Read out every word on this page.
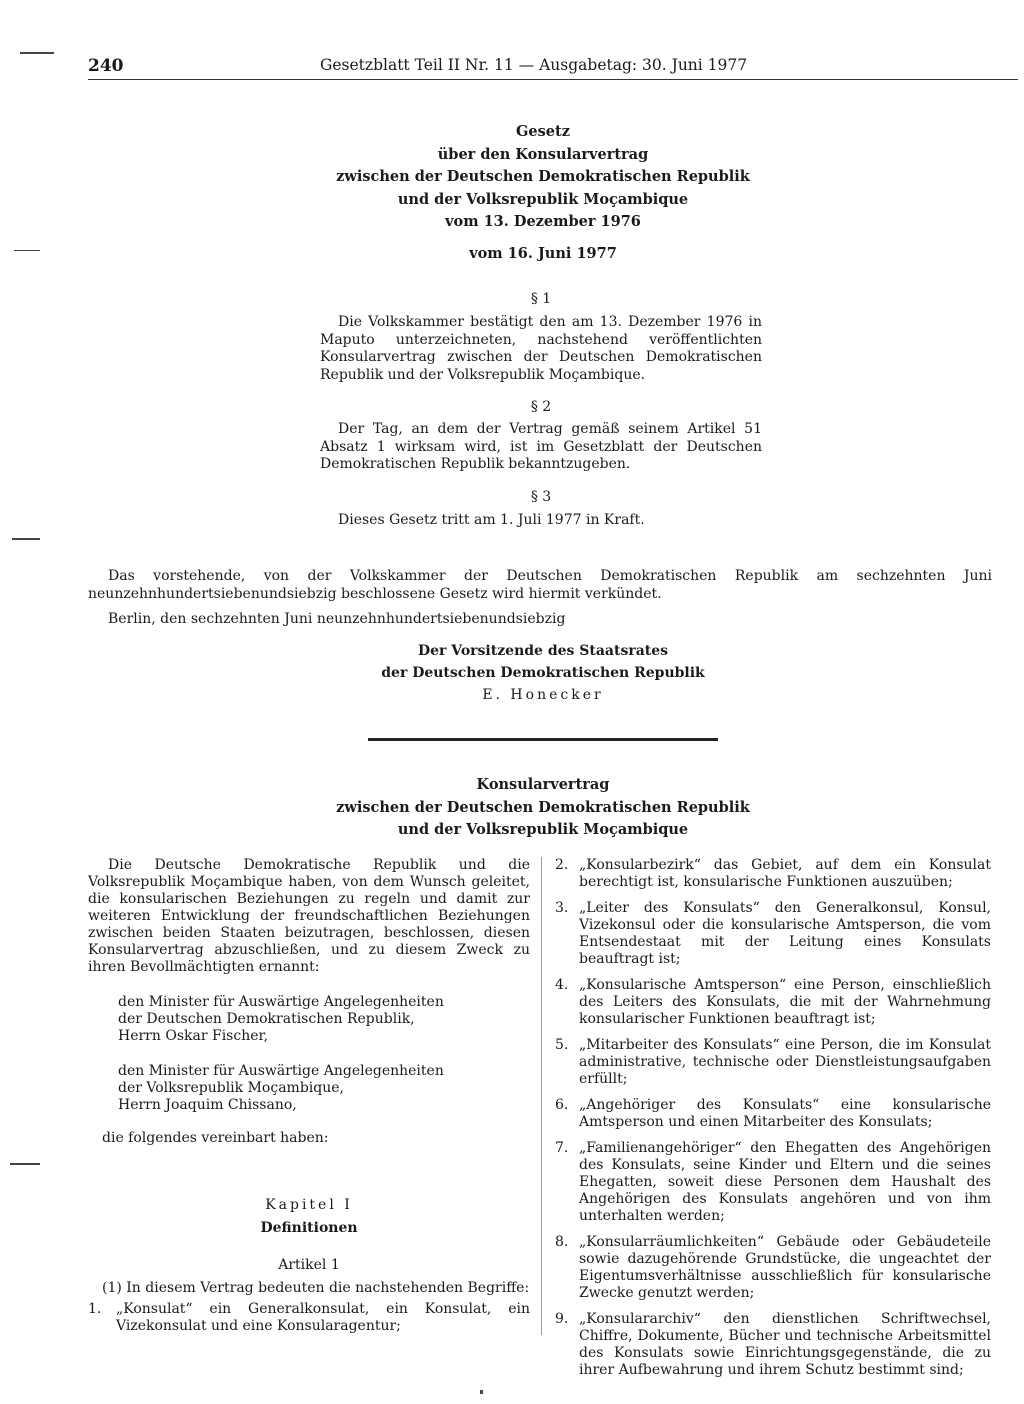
240	Gesetzblatt Teil II Nr. 11 — Ausgabetag: 30. Juni 1977
Gesetz
über den Konsularvertrag
zwischen der Deutschen Demokratischen Republik
und der Volksrepublik Moçambique
vom 13. Dezember 1976
vom 16. Juni 1977
§ 1
Die Volkskammer bestätigt den am 13. Dezember 1976 in Maputo unterzeichneten, nachstehend veröffentlichten Konsularvertrag zwischen der Deutschen Demokratischen Republik und der Volksrepublik Moçambique.
§ 2
Der Tag, an dem der Vertrag gemäß seinem Artikel 51 Absatz 1 wirksam wird, ist im Gesetzblatt der Deutschen Demokratischen Republik bekanntzugeben.
§ 3
Dieses Gesetz tritt am 1. Juli 1977 in Kraft.
Das vorstehende, von der Volkskammer der Deutschen Demokratischen Republik am sechzehnten Juni neunzehnhundertsiebenundsiebzig beschlossene Gesetz wird hiermit verkündet.
Berlin, den sechzehnten Juni neunzehnhundertsiebenundsiebzig
Der Vorsitzende des Staatsrates
der Deutschen Demokratischen Republik
E. Honecker
Konsularvertrag
zwischen der Deutschen Demokratischen Republik
und der Volksrepublik Moçambique

Die Deutsche Demokratische Republik und die Volksrepublik Moçambique haben, von dem Wunsch geleitet, die konsularischen Beziehungen zu regeln und damit zur weiteren Entwicklung der freundschaftlichen Beziehungen zwischen beiden Staaten beizutragen, beschlossen, diesen Konsularvertrag abzuschließen, und zu diesem Zweck zu ihren Bevollmächtigten ernannt:

den Minister für Auswärtige Angelegenheiten
der Deutschen Demokratischen Republik,
Herrn Oskar Fischer,
den Minister für Auswärtige Angelegenheiten
der Volksrepublik Moçambique,
Herrn Joaquim Chissano,
die folgendes vereinbart haben:
Kapitel I
Definitionen
Artikel 1
(1) In diesem Vertrag bedeuten die nachstehenden Begriffe:
1. „Konsulat“ ein Generalkonsulat, ein Konsulat, ein Vizekonsulat und eine Konsularagentur;
2. „Konsularbezirk“ das Gebiet, auf dem ein Konsulat berechtigt ist, konsularische Funktionen auszuüben;
3. „Leiter des Konsulats“ den Generalkonsul, Konsul, Vizekonsul oder die konsularische Amtsperson, die vom Entsendestaat mit der Leitung eines Konsulats beauftragt ist;
4. „Konsularische Amtsperson“ eine Person, einschließlich des Leiters des Konsulats, die mit der Wahrnehmung konsularischer Funktionen beauftragt ist;
5. „Mitarbeiter des Konsulats“ eine Person, die im Konsulat administrative, technische oder Dienstleistungsaufgaben erfüllt;
6. „Angehöriger des Konsulats“ eine konsularische Amtsperson und einen Mitarbeiter des Konsulats;
7. „Familienangehöriger“ den Ehegatten des Angehörigen des Konsulats, seine Kinder und Eltern und die seines Ehegatten, soweit diese Personen dem Haushalt des Angehörigen des Konsulats angehören und von ihm unterhalten werden;
8. „Konsularräumlichkeiten“ Gebäude oder Gebäudeteile sowie dazugehörende Grundstücke, die ungeachtet der Eigentumsverhältnisse ausschließlich für konsularische Zwecke genutzt werden;
9. „Konsulararchiv“ den dienstlichen Schriftwechsel, Chiffre, Dokumente, Bücher und technische Arbeitsmittel des Konsulats sowie Einrichtungsgegenstände, die zu ihrer Aufbewahrung und ihrem Schutz bestimmt sind;
